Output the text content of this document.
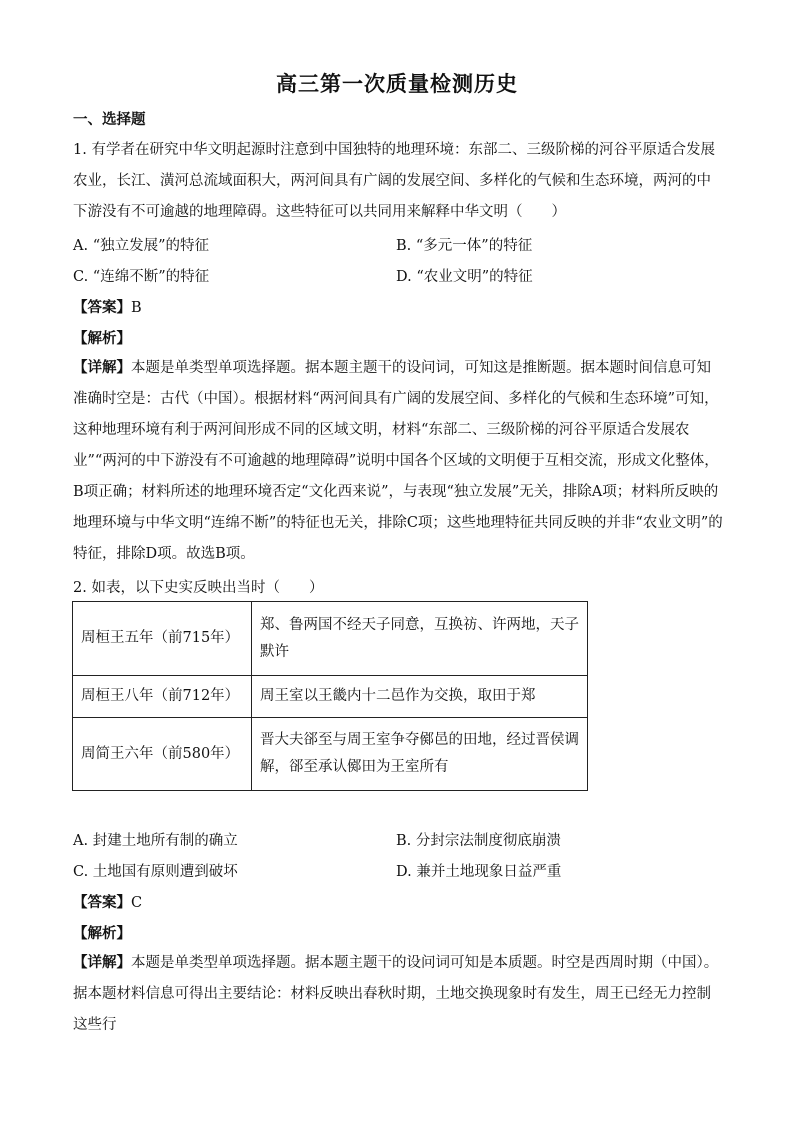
高三第一次质量检测历史
一、选择题

1. 有学者在研究中华文明起源时注意到中国独特的地理环境：东部二、三级阶梯的河谷平原适合发展农业，长江、潢河总流域面积大，两河间具有广阔的发展空间、多样化的气候和生态环境，两河的中下游没有不可逾越的地理障碍。这些特征可以共同用来解释中华文明（　　）

A. “独立发展”的特征	B. “多元一体”的特征
C. “连绵不断”的特征	D. “农业文明”的特征
【答案】B
【解析】

【详解】本题是单类型单项选择题。据本题主题干的设问词，可知这是推断题。据本题时间信息可知准确时空是：古代（中国）。根据材料“两河间具有广阔的发展空间、多样化的气候和生态环境”可知，这种地理环境有利于两河间形成不同的区域文明，材料“东部二、三级阶梯的河谷平原适合发展农业”“两河的中下游没有不可逾越的地理障碍”说明中国各个区域的文明便于互相交流，形成文化整体，B项正确；材料所述的地理环境否定“文化西来说”，与表现“独立发展”无关，排除A项；材料所反映的地理环境与中华文明“连绵不断”的特征也无关，排除C项；这些地理特征共同反映的并非“农业文明”的特征，排除D项。故选B项。

2. 如表，以下史实反映出当时（　　）
周桓王五年（前715年）	郑、鲁两国不经天子同意，互换祊、许两地，天子默许
周桓王八年（前712年）	周王室以王畿内十二邑作为交换，取田于郑
周简王六年（前580年）	晋大夫郤至与周王室争夺鄇邑的田地，经过晋侯调解，郤至承认鄇田为王室所有
A. 封建土地所有制的确立	B. 分封宗法制度彻底崩溃
C. 土地国有原则遭到破坏	D. 兼并土地现象日益严重
【答案】C
【解析】

【详解】本题是单类型单项选择题。据本题主题干的设问词可知是本质题。时空是西周时期（中国）。据本题材料信息可得出主要结论：材料反映出春秋时期，土地交换现象时有发生，周王已经无力控制这些行
